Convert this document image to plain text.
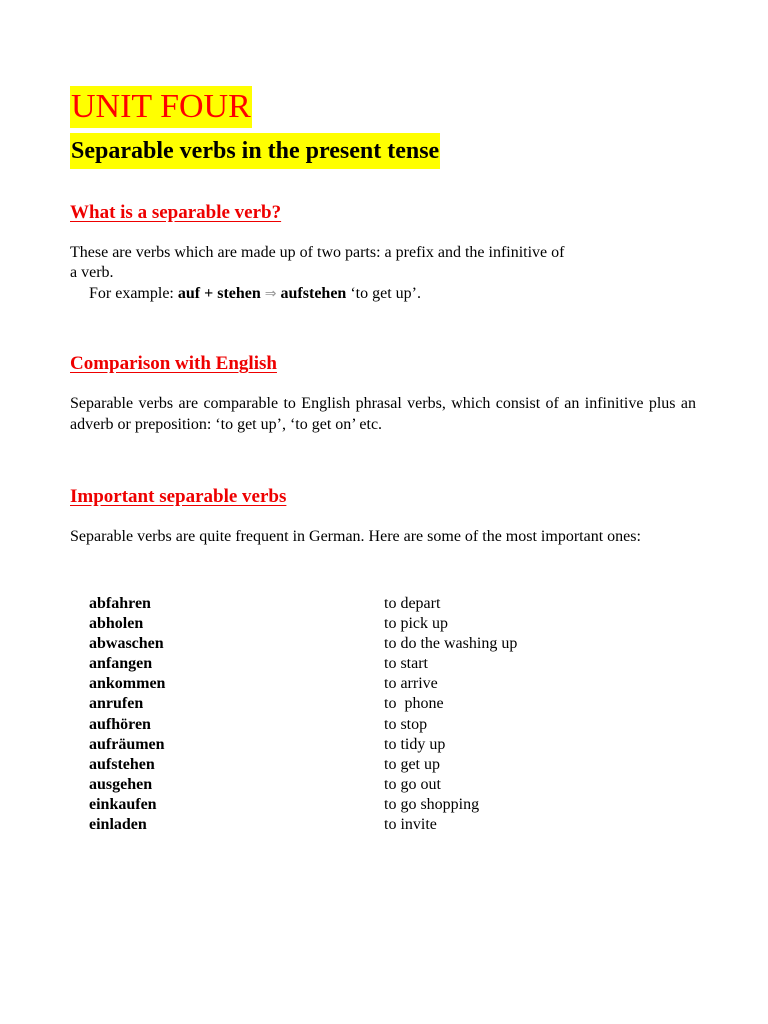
UNIT FOUR
Separable verbs in the present tense
What is a separable verb?
These are verbs which are made up of two parts: a prefix and the infinitive of
a verb.
For example: auf + stehen ⇒ aufstehen ‘to get up’.
Comparison with English
Separable verbs are comparable to English phrasal verbs, which consist of an infinitive plus an adverb or preposition: ‘to get up’, ‘to get on’ etc.
Important separable verbs
Separable verbs are quite frequent in German. Here are some of the most important ones:
abfahren	to depart
abholen	to pick up
abwaschen	to do the washing up
anfangen	to start
ankommen	to arrive
anrufen	to  phone
aufhören	to stop
aufräumen	to tidy up
aufstehen	to get up
ausgehen	to go out
einkaufen	to go shopping
einladen	to invite
